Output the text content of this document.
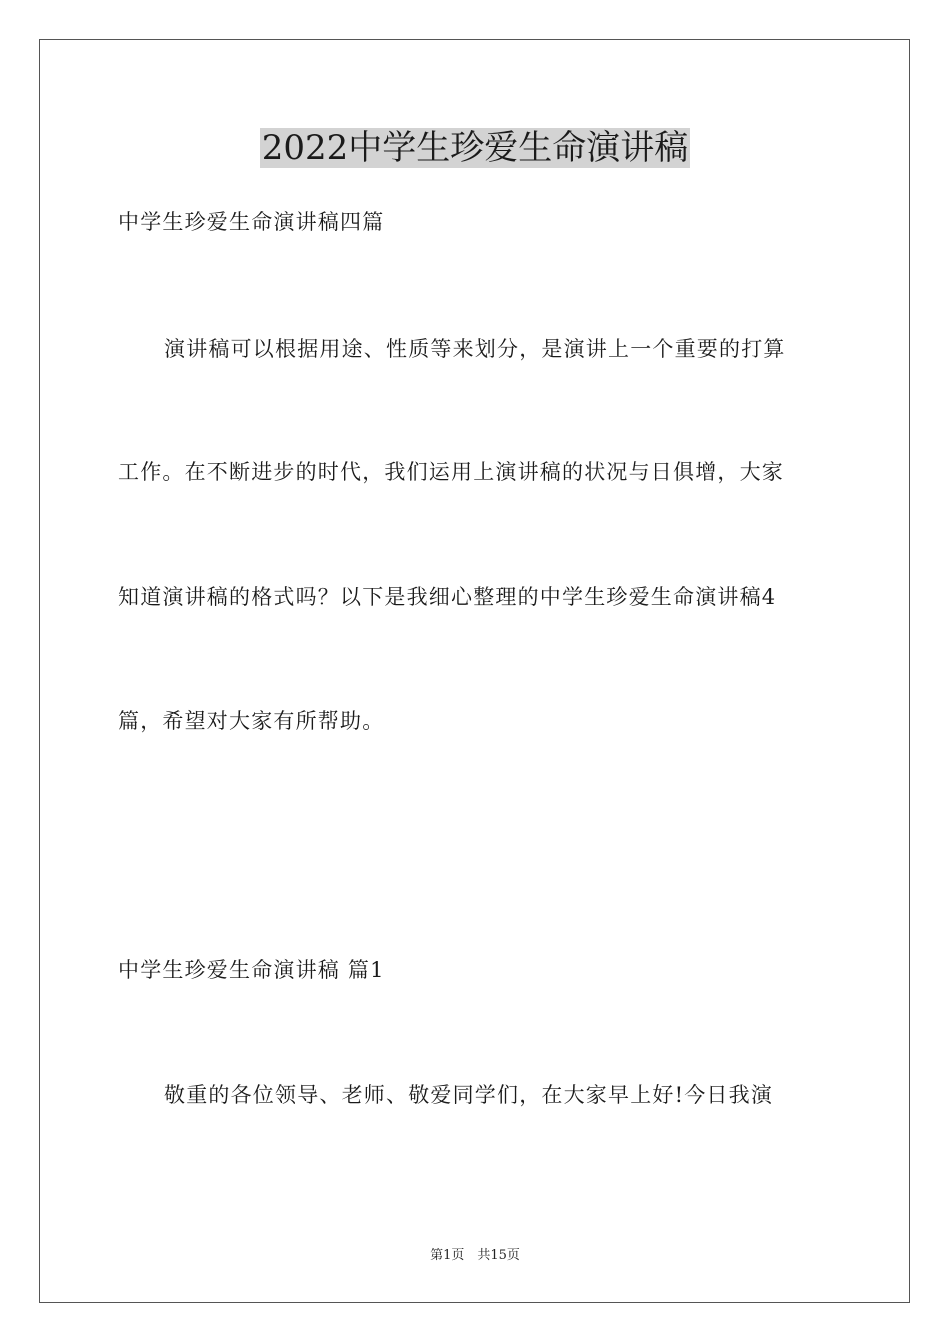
2022中学生珍爱生命演讲稿
中学生珍爱生命演讲稿四篇
演讲稿可以根据用途、性质等来划分，是演讲上一个重要的打算
工作。在不断进步的时代，我们运用上演讲稿的状况与日俱增，大家
知道演讲稿的格式吗？以下是我细心整理的中学生珍爱生命演讲稿4
篇，希望对大家有所帮助。
中学生珍爱生命演讲稿 篇1
敬重的各位领导、老师、敬爱同学们，在大家早上好!今日我演
第1页　共15页
